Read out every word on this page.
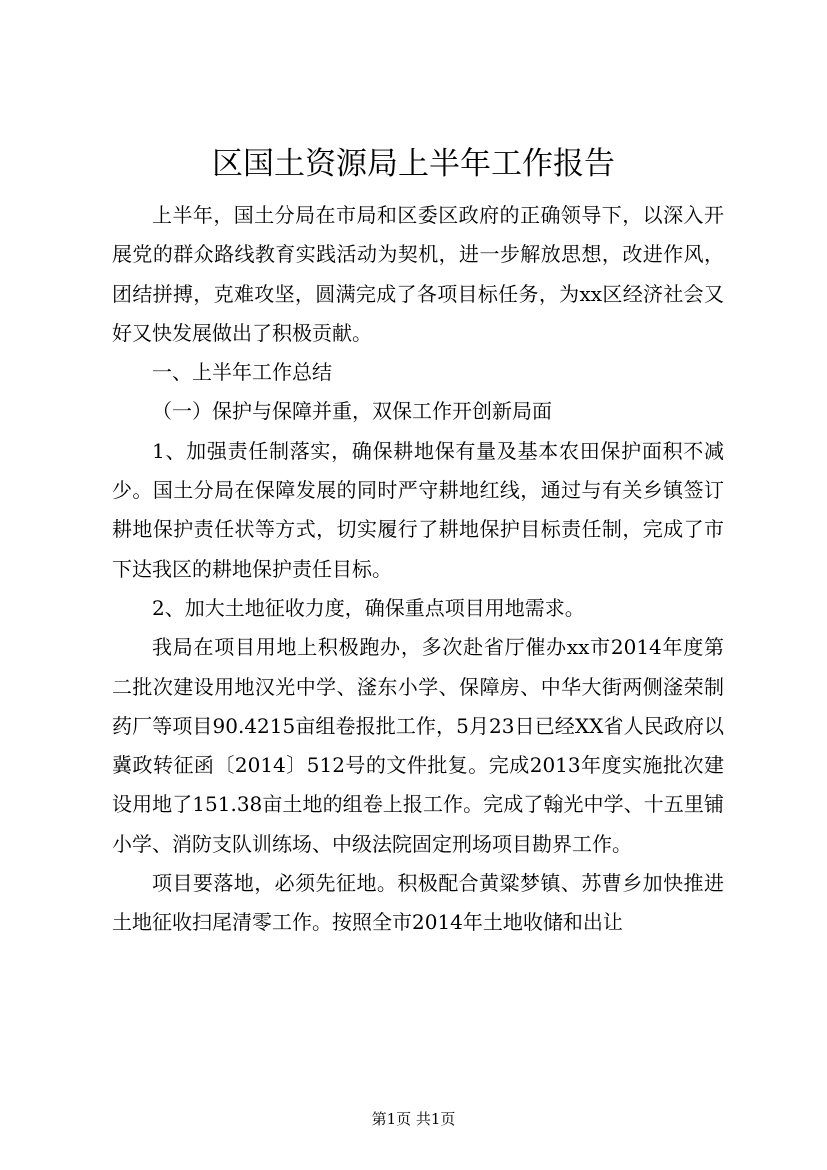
区国土资源局上半年工作报告

上半年，国土分局在市局和区委区政府的正确领导下，以深入开展党的群众路线教育实践活动为契机，进一步解放思想，改进作风，团结拼搏，克难攻坚，圆满完成了各项目标任务，为xx区经济社会又好又快发展做出了积极贡献。

一、上半年工作总结

（一）保护与保障并重，双保工作开创新局面

1、加强责任制落实，确保耕地保有量及基本农田保护面积不减少。国土分局在保障发展的同时严守耕地红线，通过与有关乡镇签订耕地保护责任状等方式，切实履行了耕地保护目标责任制，完成了市下达我区的耕地保护责任目标。

2、加大土地征收力度，确保重点项目用地需求。

我局在项目用地上积极跑办，多次赴省厅催办xx市2014年度第二批次建设用地汉光中学、滏东小学、保障房、中华大街两侧滏荣制药厂等项目90.4215亩组卷报批工作，5月23日已经XX省人民政府以冀政转征函〔2014〕512号的文件批复。完成2013年度实施批次建设用地了151.38亩土地的组卷上报工作。完成了翰光中学、十五里铺小学、消防支队训练场、中级法院固定刑场项目勘界工作。

项目要落地，必须先征地。积极配合黄粱梦镇、苏曹乡加快推进土地征收扫尾清零工作。按照全市2014年土地收储和出让

第1页 共1页
